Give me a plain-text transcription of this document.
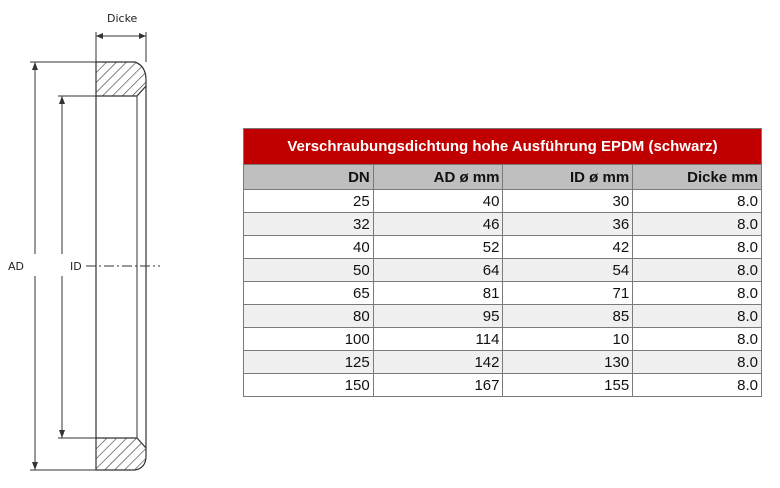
Dicke
AD	ID
Verschraubungsdichtung hohe Ausführung EPDM (schwarz)			
DN	AD ø mm	ID ø mm	Dicke mm
25	40	30	8.0
32	46	36	8.0
40	52	42	8.0
50	64	54	8.0
65	81	71	8.0
80	95	85	8.0
100	114	10	8.0
125	142	130	8.0
150	167	155	8.0
